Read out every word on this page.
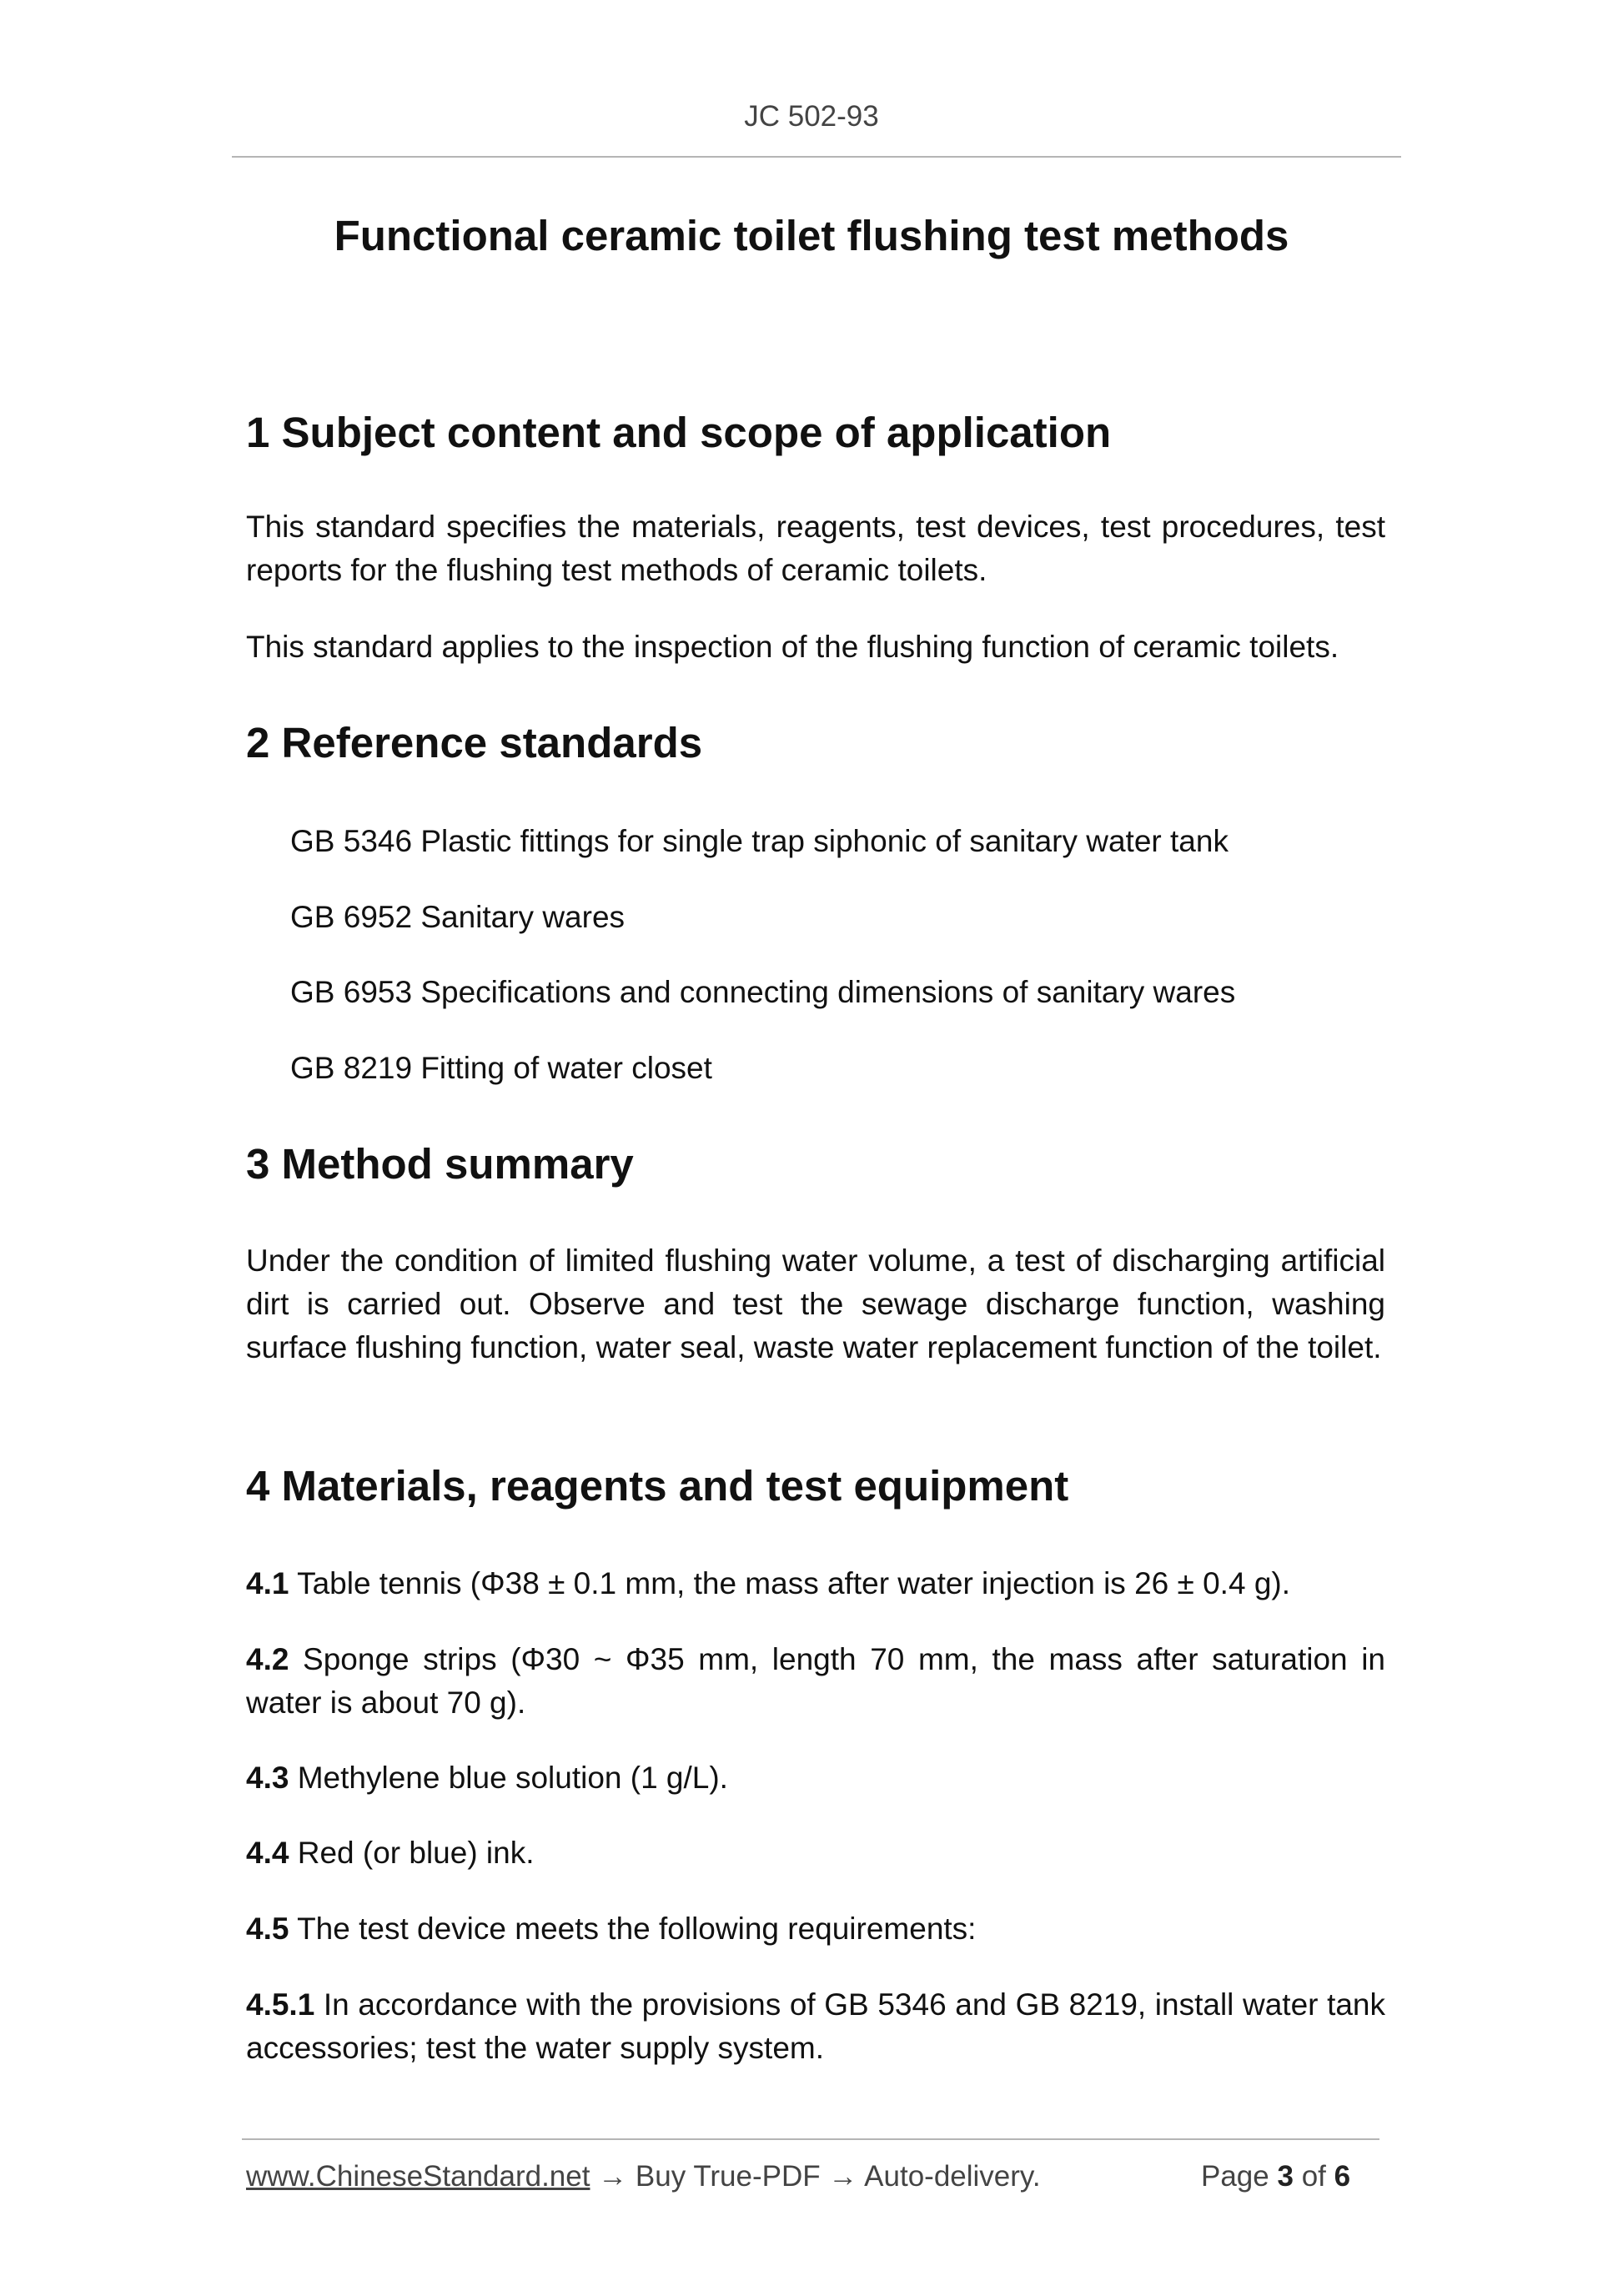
JC 502-93
Functional ceramic toilet flushing test methods
1 Subject content and scope of application
This standard specifies the materials, reagents, test devices, test procedures, test reports for the flushing test methods of ceramic toilets.
This standard applies to the inspection of the flushing function of ceramic toilets.
2 Reference standards
GB 5346 Plastic fittings for single trap siphonic of sanitary water tank
GB 6952 Sanitary wares
GB 6953 Specifications and connecting dimensions of sanitary wares
GB 8219 Fitting of water closet
3 Method summary
Under the condition of limited flushing water volume, a test of discharging artificial dirt is carried out. Observe and test the sewage discharge function, washing surface flushing function, water seal, waste water replacement function of the toilet.
4 Materials, reagents and test equipment
4.1 Table tennis (Φ38 ± 0.1 mm, the mass after water injection is 26 ± 0.4 g).
4.2 Sponge strips (Φ30 ~ Φ35 mm, length 70 mm, the mass after saturation in water is about 70 g).
4.3 Methylene blue solution (1 g/L).
4.4 Red (or blue) ink.
4.5 The test device meets the following requirements:
4.5.1 In accordance with the provisions of GB 5346 and GB 8219, install water tank accessories; test the water supply system.
www.ChineseStandard.net → Buy True-PDF → Auto-delivery.	Page 3 of 6
